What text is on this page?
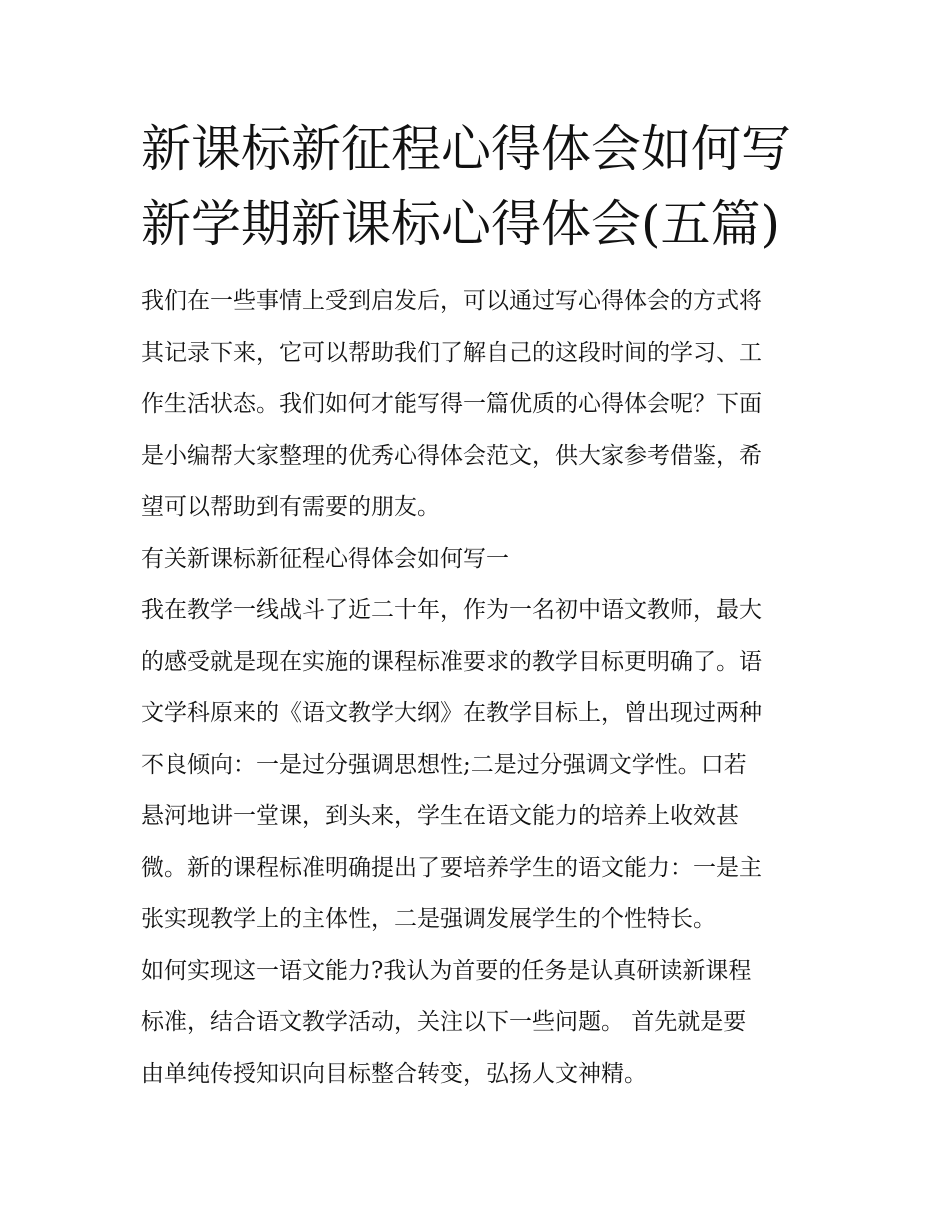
新课标新征程心得体会如何写
新学期新课标心得体会(五篇)

我们在一些事情上受到启发后，可以通过写心得体会的方式将
其记录下来，它可以帮助我们了解自己的这段时间的学习、工
作生活状态。我们如何才能写得一篇优质的心得体会呢？下面
是小编帮大家整理的优秀心得体会范文，供大家参考借鉴，希
望可以帮助到有需要的朋友。

有关新课标新征程心得体会如何写一

我在教学一线战斗了近二十年，作为一名初中语文教师，最大
的感受就是现在实施的课程标准要求的教学目标更明确了。语
文学科原来的《语文教学大纲》在教学目标上，曾出现过两种
不良倾向：一是过分强调思想性;二是过分强调文学性。口若
悬河地讲一堂课，到头来，学生在语文能力的培养上收效甚
微。新的课程标准明确提出了要培养学生的语文能力：一是主
张实现教学上的主体性，二是强调发展学生的个性特长。

如何实现这一语文能力?我认为首要的任务是认真研读新课程
标准，结合语文教学活动，关注以下一些问题。 首先就是要
由单纯传授知识向目标整合转变，弘扬人文神精。
